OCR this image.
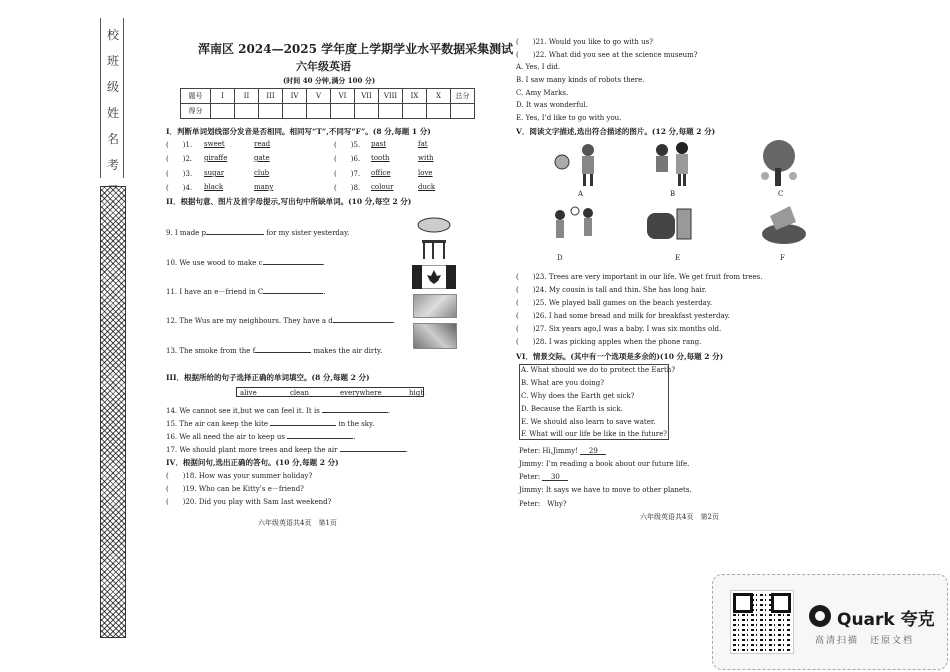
校 班 级 姓 名 考
浑南区 2024—2025 学年度上学期学业水平数据采集测试
六年级英语
(时间 40 分钟,满分 100 分)
题号	I	II	III	IV	V	VI	VII	VIII	IX	X	总分
得分											
I．判断单词划线部分发音是否相同。相同写“T”,不同写“F”。(8 分,每题 1 分)
(　　)1. sweet	read
(　　)2. giraffe	gate
(　　)3. sugar	club
(　　)4. black	many
(　　)5. past	fat
(　　)6. tooth	with
(　　)7. office	love
(　　)8. colour	duck
II．根据句意、图片及首字母提示,写出句中所缺单词。(10 分,每空 2 分)
9. I made p	for my sister yesterday.
10. We use wood to make c	.
11. I have an e－friend in C	.
12. The Wus are my neighbours. They have a d	.
13. The smoke from the f	makes the air dirty.
III．根据所给的句子选择正确的单词填空。(8 分,每题 2 分)
alive	clean	everywhere	high
14. We cannot see it,but we can feel it. It is	.
15. The air can keep the kite	in the sky.
16. We all need the air to keep us	.
17. We should plant more trees and keep the air	.
IV．根据问句,选出正确的答句。(10 分,每题 2 分)
(　　)18. How was your summer holiday?
(　　)19. Who can be Kitty’s e－friend?
(　　)20. Did you play with Sam last weekend?
六年级英语共4页　第1页
(　　)21. Would you like to go with us?
(　　)22. What did you see at the science museum?
A. Yes, I did.
B. I saw many kinds of robots there.
C. Amy Marks.
D. It was wonderful.
E. Yes, I’d like to go with you.
V．阅读文字描述,选出符合描述的图片。(12 分,每题 2 分)
A	B	C
D	E	F
(　　)23. Trees are very important in our life. We get fruit from trees.
(　　)24. My cousin is tall and thin. She has long hair.
(　　)25. We played ball games on the beach yesterday.
(　　)26. I had some bread and milk for breakfast yesterday.
(　　)27. Six years ago,I was a baby. I was six months old.
(　　)28. I was picking apples when the phone rang.
VI．情景交际。(其中有一个选项是多余的)(10 分,每题 2 分)
A. What should we do to protect the Earth?
B. What are you doing?
C. Why does the Earth get sick?
D. Because the Earth is sick.
E. We should also learn to save water.
F. What will our life be like in the future?
Peter: Hi,Jimmy! 29
Jimmy: I’m reading a book about our future life.
Peter: 30
Jimmy: It says we have to move to other planets.
Peter:　Why?
六年级英语共4页　第2页
Quark 夸克
高清扫描　还原文档
